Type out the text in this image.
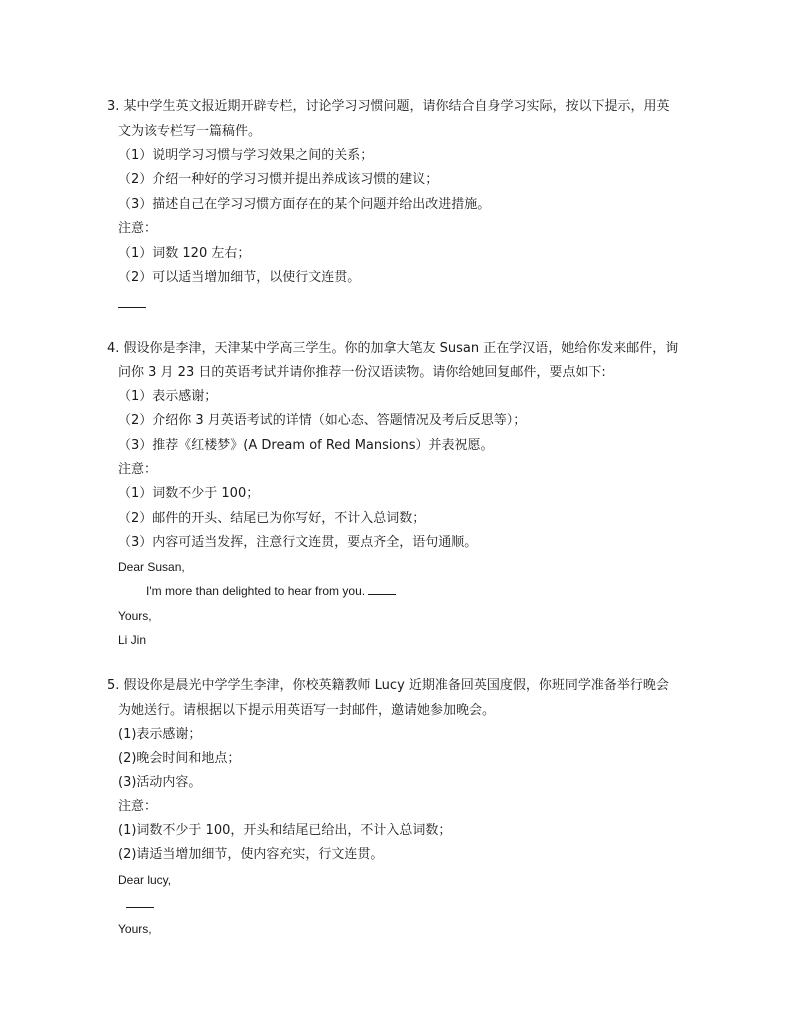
3. 某中学生英文报近期开辟专栏，讨论学习习惯问题，请你结合自身学习实际，按以下提示，用英
文为该专栏写一篇稿件。
（1）说明学习习惯与学习效果之间的关系；
（2）介绍一种好的学习习惯并提出养成该习惯的建议；
（3）描述自己在学习习惯方面存在的某个问题并给出改进措施。
注意：
（1）词数 120 左右；
（2）可以适当增加细节，以使行文连贯。
4. 假设你是李津，天津某中学高三学生。你的加拿大笔友 Susan 正在学汉语，她给你发来邮件，询
问你 3 月 23 日的英语考试并请你推荐一份汉语读物。请你给她回复邮件，要点如下:
（1）表示感谢；
（2）介绍你 3 月英语考试的详情（如心态、答题情况及考后反思等）；
（3）推荐《红楼梦》(A Dream of Red Mansions）并表祝愿。
注意：
（1）词数不少于 100；
（2）邮件的开头、结尾已为你写好，不计入总词数；
（3）内容可适当发挥，注意行文连贯，要点齐全，语句通顺。
Dear Susan,
I'm more than delighted to hear from you.
Yours,
Li Jin
5. 假设你是晨光中学学生李津，你校英籍教师 Lucy 近期准备回英国度假，你班同学准备举行晚会
为她送行。请根据以下提示用英语写一封邮件，邀请她参加晚会。
(1)表示感谢；
(2)晚会时间和地点；
(3)活动内容。
注意：
(1)词数不少于 100，开头和结尾已给出，不计入总词数；
(2)请适当增加细节，使内容充实，行文连贯。
Dear lucy,
Yours,
